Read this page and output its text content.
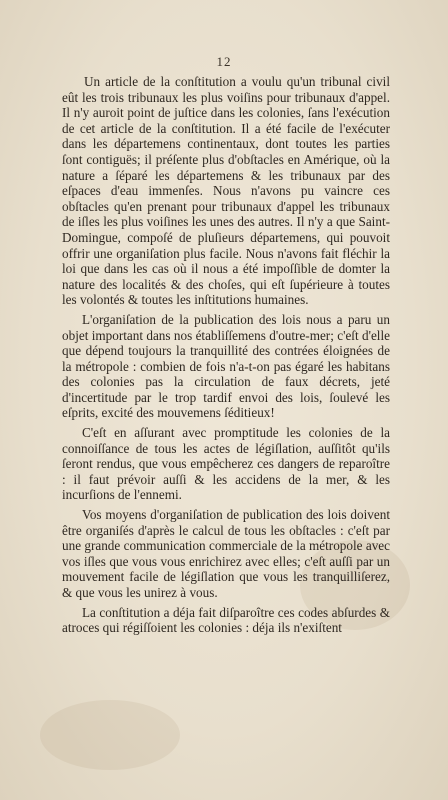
12

Un article de la conſtitution a voulu qu'un tribunal civil eût les trois tribunaux les plus voiſins pour tribunaux d'appel. Il n'y auroit point de juſtice dans les colonies, ſans l'exécution de cet article de la conſtitution. Il a été facile de l'exécuter dans les départemens continentaux, dont toutes les parties ſont contiguës; il préſente plus d'obſtacles en Amérique, où la nature a ſéparé les départemens & les tribunaux par des eſpaces d'eau immenſes. Nous n'avons pu vaincre ces obſtacles qu'en prenant pour tribunaux d'appel les tribunaux de iſles les plus voiſines les unes des autres. Il n'y a que Saint-Domingue, compoſé de pluſieurs départemens, qui pouvoit offrir une organiſation plus facile. Nous n'avons fait fléchir la loi que dans les cas où il nous a été impoſſible de domter la nature des localités & des choſes, qui eſt ſupérieure à toutes les volontés & toutes les inſtitutions humaines.

L'organiſation de la publication des lois nous a paru un objet important dans nos établiſſemens d'outre-mer; c'eſt d'elle que dépend toujours la tranquillité des contrées éloignées de la métropole : combien de fois n'a-t-on pas égaré les habitans des colonies pas la circulation de faux décrets, jeté d'incertitude par le trop tardif envoi des lois, ſoulevé les eſprits, excité des mouvemens ſéditieux!

C'eſt en aſſurant avec promptitude les colonies de la connoiſſance de tous les actes de légiſlation, auſſitôt qu'ils ſeront rendus, que vous empêcherez ces dangers de reparoître : il faut prévoir auſſi & les accidens de la mer, & les incurſions de l'ennemi.

Vos moyens d'organiſation de publication des lois doivent être organiſés d'après le calcul de tous les obſtacles : c'eſt par une grande communication commerciale de la métropole avec vos iſles que vous vous enrichirez avec elles; c'eſt auſſi par un mouvement facile de légiſlation que vous les tranquilliſerez, & que vous les unirez à vous.

La conſtitution a déja fait diſparoître ces codes abſurdes & atroces qui régiſſoient les colonies : déja ils n'exiſtent
